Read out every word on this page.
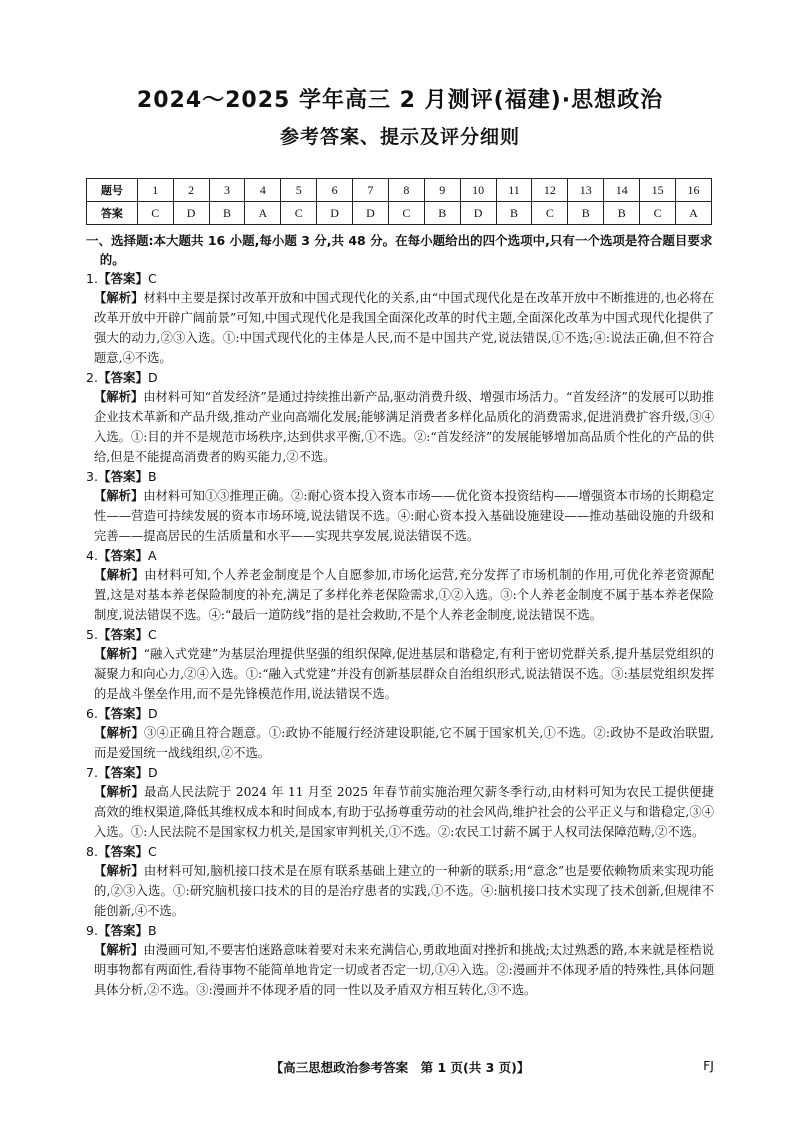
2024～2025 学年高三 2 月测评(福建)·思想政治
参考答案、提示及评分细则
题号	1	2	3	4	5	6	7	8	9	10	11	12	13	14	15	16
答案	C	D	B	A	C	D	D	C	B	D	B	C	B	B	C	A

一、选择题:本大题共 16 小题,每小题 3 分,共 48 分。在每小题给出的四个选项中,只有一个选项是符合题目要求的。

1.【答案】C

【解析】材料中主要是探讨改革开放和中国式现代化的关系,由“中国式现代化是在改革开放中不断推进的,也必将在改革开放中开辟广阔前景”可知,中国式现代化是我国全面深化改革的时代主题,全面深化改革为中国式现代化提供了强大的动力,②③入选。①:中国式现代化的主体是人民,而不是中国共产党,说法错误,①不选;④:说法正确,但不符合题意,④不选。

2.【答案】D

【解析】由材料可知“首发经济”是通过持续推出新产品,驱动消费升级、增强市场活力。“首发经济”的发展可以助推企业技术革新和产品升级,推动产业向高端化发展;能够满足消费者多样化品质化的消费需求,促进消费扩容升级,③④入选。①:目的并不是规范市场秩序,达到供求平衡,①不选。②:“首发经济”的发展能够增加高品质个性化的产品的供给,但是不能提高消费者的购买能力,②不选。

3.【答案】B

【解析】由材料可知①③推理正确。②:耐心资本投入资本市场——优化资本投资结构——增强资本市场的长期稳定性——营造可持续发展的资本市场环境,说法错误不选。④:耐心资本投入基础设施建设——推动基础设施的升级和完善——提高居民的生活质量和水平——实现共享发展,说法错误不选。

4.【答案】A

【解析】由材料可知,个人养老金制度是个人自愿参加,市场化运营,充分发挥了市场机制的作用,可优化养老资源配置,这是对基本养老保险制度的补充,满足了多样化养老保险需求,①②入选。③:个人养老金制度不属于基本养老保险制度,说法错误不选。④:“最后一道防线”指的是社会救助,不是个人养老金制度,说法错误不选。

5.【答案】C

【解析】“融入式党建”为基层治理提供坚强的组织保障,促进基层和谐稳定,有利于密切党群关系,提升基层党组织的凝聚力和向心力,②④入选。①:“融入式党建”并没有创新基层群众自治组织形式,说法错误不选。③:基层党组织发挥的是战斗堡垒作用,而不是先锋模范作用,说法错误不选。

6.【答案】D

【解析】③④正确且符合题意。①:政协不能履行经济建设职能,它不属于国家机关,①不选。②:政协不是政治联盟,而是爱国统一战线组织,②不选。

7.【答案】D

【解析】最高人民法院于 2024 年 11 月至 2025 年春节前实施治理欠薪冬季行动,由材料可知为农民工提供便捷高效的维权渠道,降低其维权成本和时间成本,有助于弘扬尊重劳动的社会风尚,维护社会的公平正义与和谐稳定,③④入选。①:人民法院不是国家权力机关,是国家审判机关,①不选。②:农民工讨薪不属于人权司法保障范畴,②不选。

8.【答案】C

【解析】由材料可知,脑机接口技术是在原有联系基础上建立的一种新的联系;用“意念”也是要依赖物质来实现功能的,②③入选。①:研究脑机接口技术的目的是治疗患者的实践,①不选。④:脑机接口技术实现了技术创新,但规律不能创新,④不选。

9.【答案】B

【解析】由漫画可知,不要害怕迷路意味着要对未来充满信心,勇敢地面对挫折和挑战;太过熟悉的路,本来就是桎梏说明事物都有两面性,看待事物不能简单地肯定一切或者否定一切,①④入选。②:漫画并不体现矛盾的特殊性,具体问题具体分析,②不选。③:漫画并不体现矛盾的同一性以及矛盾双方相互转化,③不选。

【高三思想政治参考答案　第 1 页(共 3 页)】	FJ
